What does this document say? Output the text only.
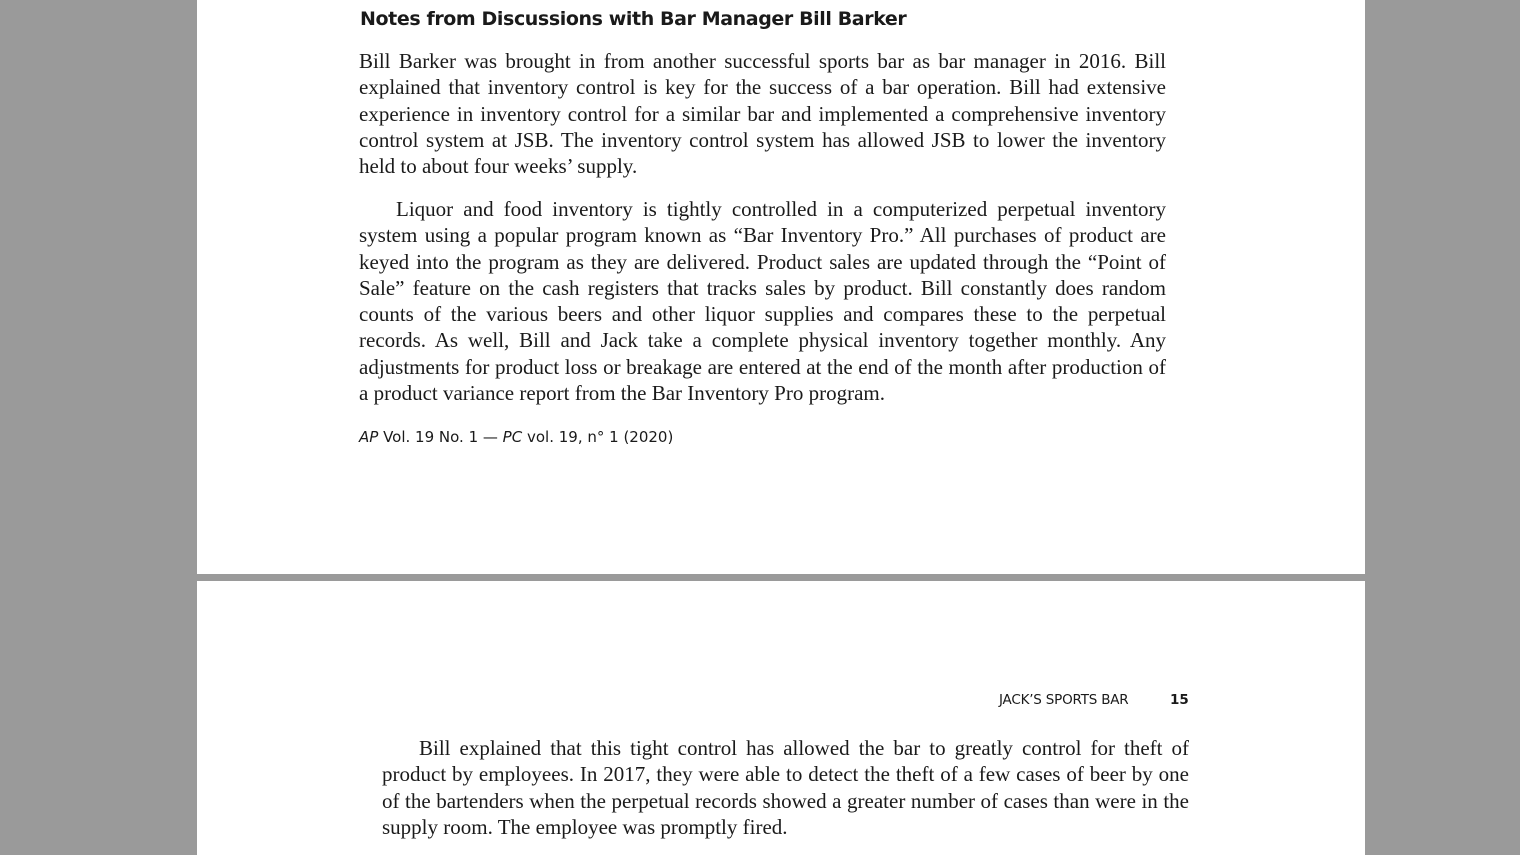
Notes from Discussions with Bar Manager Bill Barker

Bill Barker was brought in from another successful sports bar as bar manager in 2016. Bill explained that inventory control is key for the success of a bar operation. Bill had extensive experience in inventory control for a similar bar and implemented a comprehensive inventory control system at JSB. The inventory control system has allowed JSB to lower the inventory held to about four weeks’ supply.

Liquor and food inventory is tightly controlled in a computerized perpetual inventory system using a popular program known as “Bar Inventory Pro.” All purchases of product are keyed into the program as they are delivered. Product sales are updated through the “Point of Sale” feature on the cash registers that tracks sales by product. Bill constantly does random counts of the various beers and other liquor supplies and compares these to the perpetual records. As well, Bill and Jack take a complete physical inventory together monthly. Any adjustments for product loss or breakage are entered at the end of the month after production of a product variance report from the Bar Inventory Pro program.

AP Vol. 19 No. 1 — PC vol. 19, n° 1 (2020)

JACK’S SPORTS BAR	15

Bill explained that this tight control has allowed the bar to greatly control for theft of product by employees. In 2017, they were able to detect the theft of a few cases of beer by one of the bartenders when the perpetual records showed a greater number of cases than were in the supply room. The employee was promptly fired.
